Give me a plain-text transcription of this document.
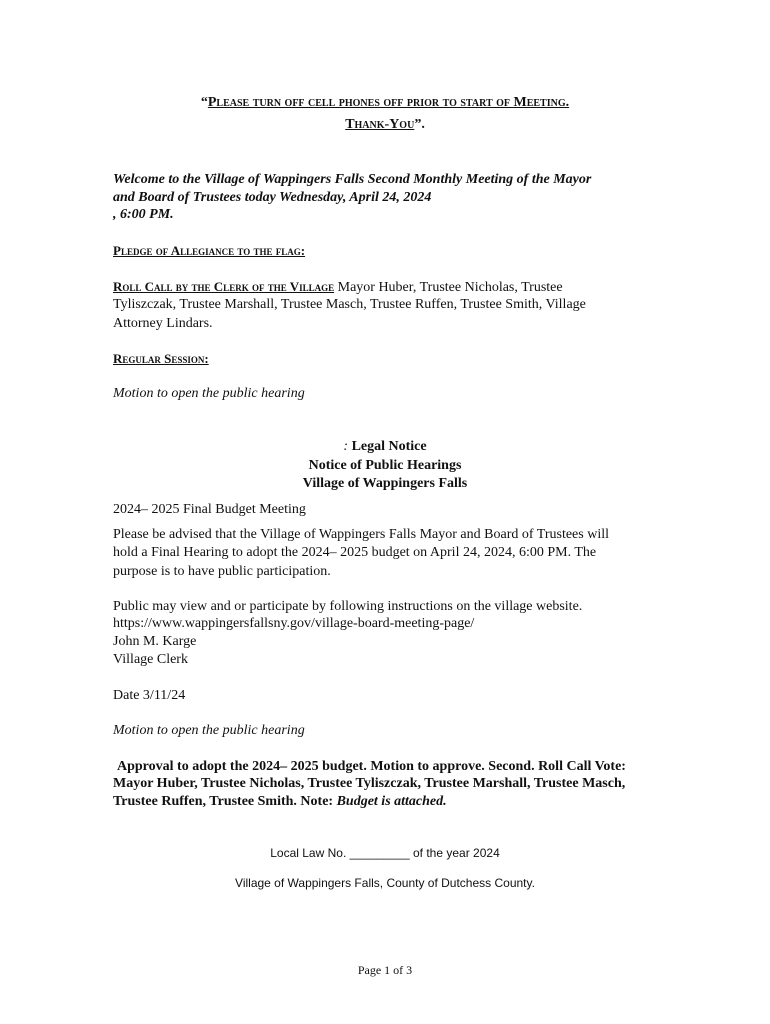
“Please turn off cell phones off prior to start of Meeting.
Thank-You”.
Welcome to the Village of Wappingers Falls Second Monthly Meeting of the Mayor
and Board of Trustees today Wednesday, April 24, 2024
, 6:00 PM.
Pledge of Allegiance to the flag:
Roll Call by the Clerk of the Village Mayor Huber, Trustee Nicholas, Trustee
Tyliszczak, Trustee Marshall, Trustee Masch, Trustee Ruffen, Trustee Smith, Village
Attorney Lindars.
Regular Session:
Motion to open the public hearing
: Legal Notice
Notice of Public Hearings
Village of Wappingers Falls
2024– 2025 Final Budget Meeting
Please be advised that the Village of Wappingers Falls Mayor and Board of Trustees will
hold a Final Hearing to adopt the 2024– 2025 budget on April 24, 2024, 6:00 PM. The
purpose is to have public participation.
Public may view and or participate by following instructions on the village website.
https://www.wappingersfallsny.gov/village-board-meeting-page/
John M. Karge
Village Clerk
Date 3/11/24
Motion to open the public hearing
Approval to adopt the 2024– 2025 budget. Motion to approve. Second. Roll Call Vote:
Mayor Huber, Trustee Nicholas, Trustee Tyliszczak, Trustee Marshall, Trustee Masch,
Trustee Ruffen, Trustee Smith. Note: Budget is attached.
Local Law No. _________ of the year 2024
Village of Wappingers Falls, County of Dutchess County.
Page 1 of 3
